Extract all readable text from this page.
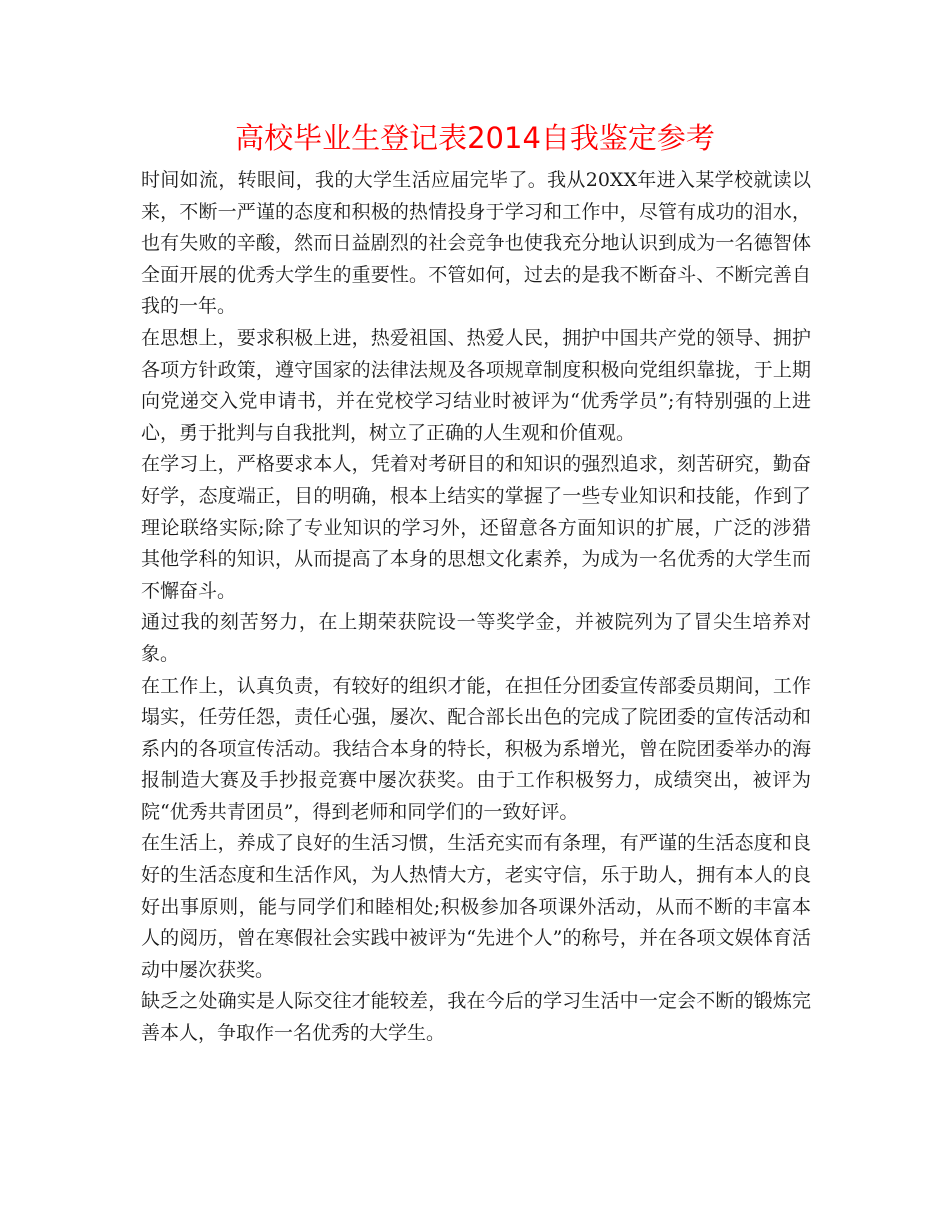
高校毕业生登记表2014自我鉴定参考

时间如流，转眼间，我的大学生活应届完毕了。我从20XX年进入某学校就读以来，不断一严谨的态度和积极的热情投身于学习和工作中，尽管有成功的泪水，也有失败的辛酸，然而日益剧烈的社会竞争也使我充分地认识到成为一名德智体全面开展的优秀大学生的重要性。不管如何，过去的是我不断奋斗、不断完善自我的一年。

在思想上，要求积极上进，热爱祖国、热爱人民，拥护中国共产党的领导、拥护各项方针政策，遵守国家的法律法规及各项规章制度积极向党组织靠拢，于上期向党递交入党申请书，并在党校学习结业时被评为“优秀学员”;有特别强的上进心，勇于批判与自我批判，树立了正确的人生观和价值观。

在学习上，严格要求本人，凭着对考研目的和知识的强烈追求，刻苦研究，勤奋好学，态度端正，目的明确，根本上结实的掌握了一些专业知识和技能，作到了理论联络实际;除了专业知识的学习外，还留意各方面知识的扩展，广泛的涉猎其他学科的知识，从而提高了本身的思想文化素养，为成为一名优秀的大学生而不懈奋斗。

通过我的刻苦努力，在上期荣获院设一等奖学金，并被院列为了冒尖生培养对象。

在工作上，认真负责，有较好的组织才能，在担任分团委宣传部委员期间，工作塌实，任劳任怨，责任心强，屡次、配合部长出色的完成了院团委的宣传活动和系内的各项宣传活动。我结合本身的特长，积极为系增光，曾在院团委举办的海报制造大赛及手抄报竞赛中屡次获奖。由于工作积极努力，成绩突出，被评为院“优秀共青团员”，得到老师和同学们的一致好评。

在生活上，养成了良好的生活习惯，生活充实而有条理，有严谨的生活态度和良好的生活态度和生活作风，为人热情大方，老实守信，乐于助人，拥有本人的良好出事原则，能与同学们和睦相处;积极参加各项课外活动，从而不断的丰富本人的阅历，曾在寒假社会实践中被评为“先进个人”的称号，并在各项文娱体育活动中屡次获奖。

缺乏之处确实是人际交往才能较差，我在今后的学习生活中一定会不断的锻炼完善本人，争取作一名优秀的大学生。
